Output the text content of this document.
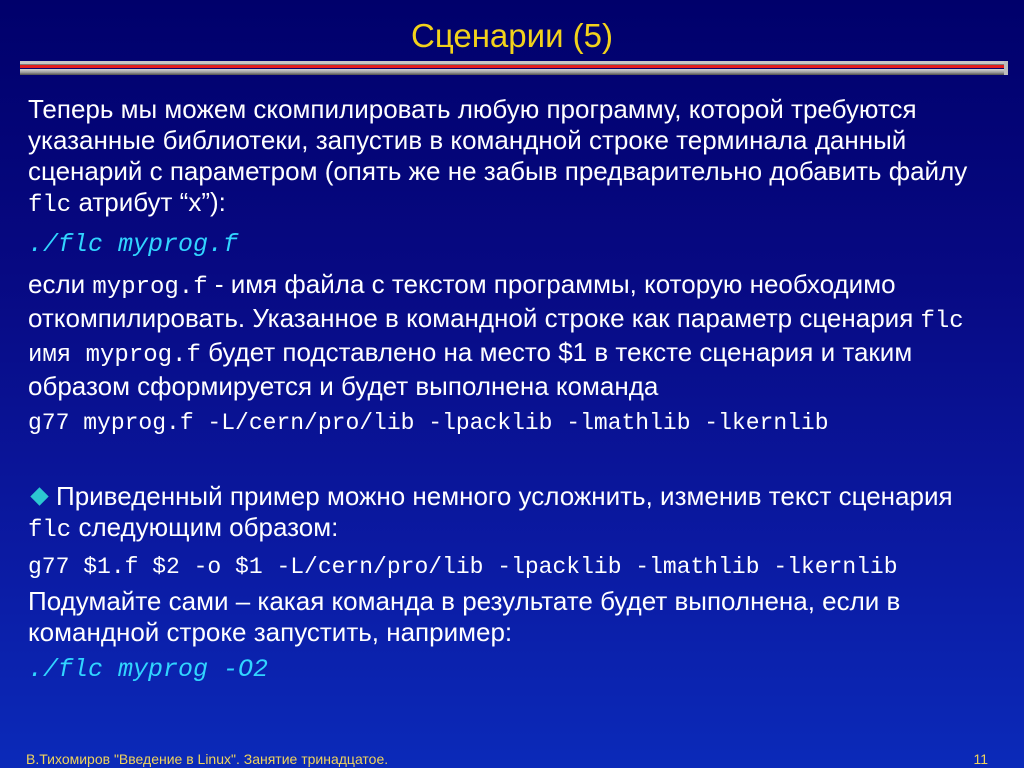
Сценарии (5)

Теперь мы можем скомпилировать любую программу, которой требуются указанные библиотеки, запустив в командной строке терминала данный сценарий с параметром (опять же не забыв предварительно добавить файлу flc атрибут “x”):

./flc myprog.f

если myprog.f - имя файла с текстом программы, которую необходимо откомпилировать. Указанное в командной строке как параметр сценария flc имя myprog.f будет подставлено на место $1 в тексте сценария и таким образом сформируется и будет выполнена команда

g77 myprog.f -L/cern/pro/lib -lpacklib -lmathlib -lkernlib

Приведенный пример можно немного усложнить, изменив текст сценария flc следующим образом:

g77 $1.f $2 -o $1 -L/cern/pro/lib -lpacklib -lmathlib -lkernlib

Подумайте сами – какая команда в результате будет выполнена, если в командной строке запустить, например:

./flc myprog -O2

В.Тихомиров "Введение в Linux". Занятие тринадцатое.	11
